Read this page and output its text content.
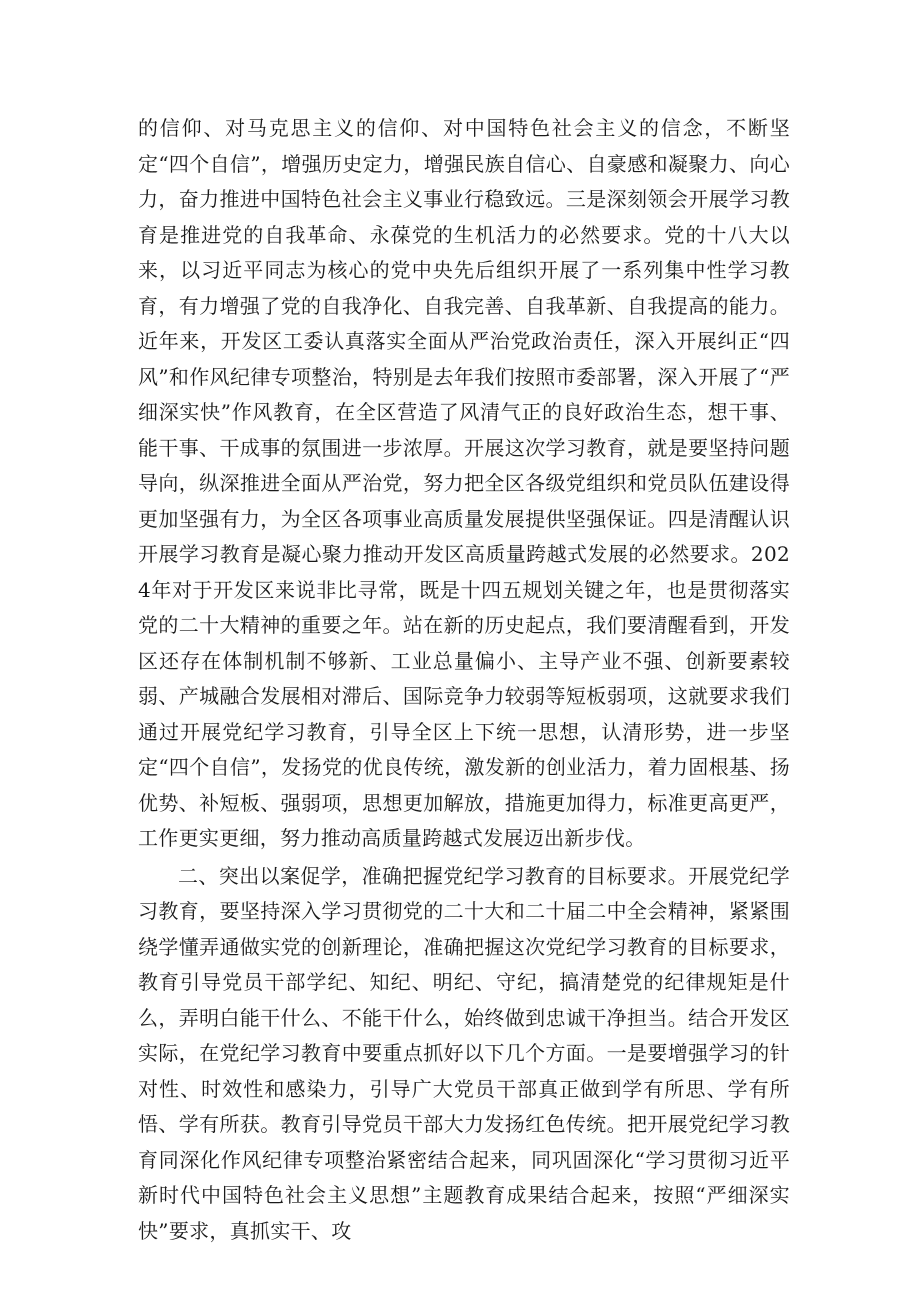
的信仰、对马克思主义的信仰、对中国特色社会主义的信念，不断坚定“四个自信”，增强历史定力，增强民族自信心、自豪感和凝聚力、向心力，奋力推进中国特色社会主义事业行稳致远。三是深刻领会开展学习教育是推进党的自我革命、永葆党的生机活力的必然要求。党的十八大以来，以习近平同志为核心的党中央先后组织开展了一系列集中性学习教育，有力增强了党的自我净化、自我完善、自我革新、自我提高的能力。近年来，开发区工委认真落实全面从严治党政治责任，深入开展纠正“四风”和作风纪律专项整治，特别是去年我们按照市委部署，深入开展了“严细深实快”作风教育，在全区营造了风清气正的良好政治生态，想干事、能干事、干成事的氛围进一步浓厚。开展这次学习教育，就是要坚持问题导向，纵深推进全面从严治党，努力把全区各级党组织和党员队伍建设得更加坚强有力，为全区各项事业高质量发展提供坚强保证。四是清醒认识开展学习教育是凝心聚力推动开发区高质量跨越式发展的必然要求。2024年对于开发区来说非比寻常，既是十四五规划关键之年，也是贯彻落实党的二十大精神的重要之年。站在新的历史起点，我们要清醒看到，开发区还存在体制机制不够新、工业总量偏小、主导产业不强、创新要素较弱、产城融合发展相对滞后、国际竞争力较弱等短板弱项，这就要求我们通过开展党纪学习教育，引导全区上下统一思想，认清形势，进一步坚定“四个自信”，发扬党的优良传统，激发新的创业活力，着力固根基、扬优势、补短板、强弱项，思想更加解放，措施更加得力，标准更高更严，工作更实更细，努力推动高质量跨越式发展迈出新步伐。

二、突出以案促学，准确把握党纪学习教育的目标要求。开展党纪学习教育，要坚持深入学习贯彻党的二十大和二十届二中全会精神，紧紧围绕学懂弄通做实党的创新理论，准确把握这次党纪学习教育的目标要求，教育引导党员干部学纪、知纪、明纪、守纪，搞清楚党的纪律规矩是什么，弄明白能干什么、不能干什么，始终做到忠诚干净担当。结合开发区实际，在党纪学习教育中要重点抓好以下几个方面。一是要增强学习的针对性、时效性和感染力，引导广大党员干部真正做到学有所思、学有所悟、学有所获。教育引导党员干部大力发扬红色传统。把开展党纪学习教育同深化作风纪律专项整治紧密结合起来，同巩固深化“学习贯彻习近平新时代中国特色社会主义思想”主题教育成果结合起来，按照“严细深实快”要求，真抓实干、攻
